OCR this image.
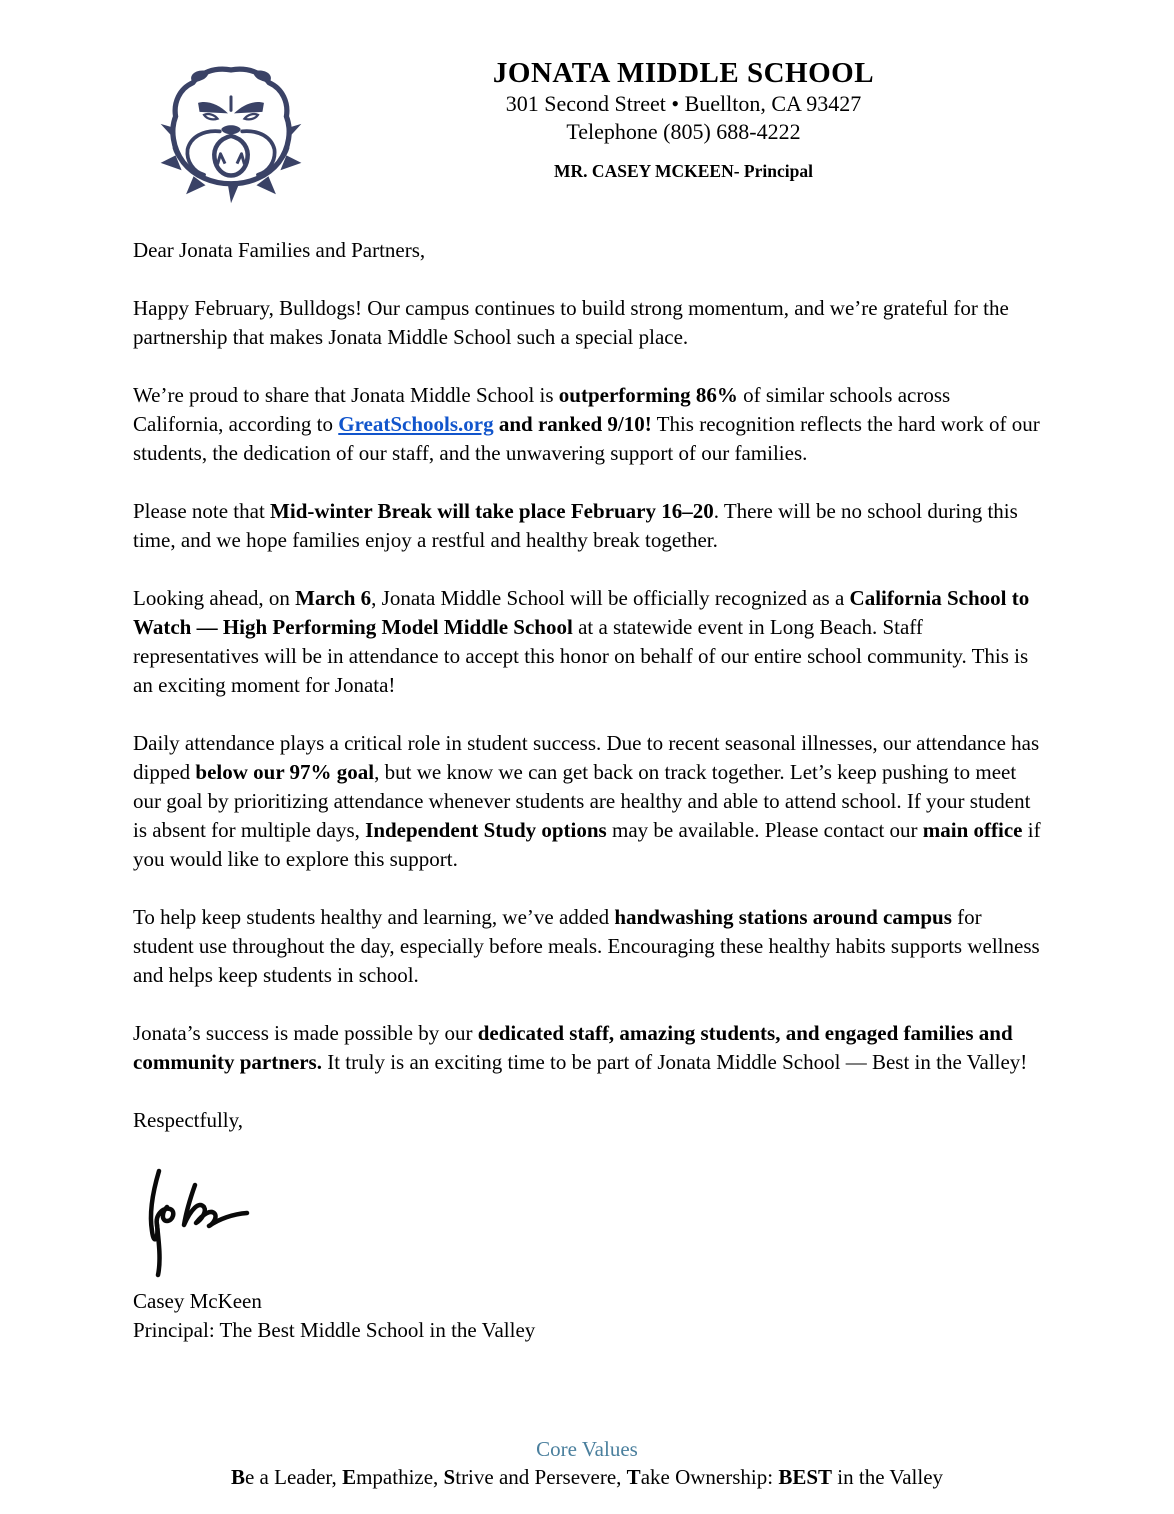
JONATA MIDDLE SCHOOL
301 Second Street • Buellton, CA 93427
Telephone (805) 688-4222
MR. CASEY MCKEEN- Principal

Dear Jonata Families and Partners,

Happy February, Bulldogs! Our campus continues to build strong momentum, and we’re grateful for the partnership that makes Jonata Middle School such a special place.

We’re proud to share that Jonata Middle School is outperforming 86% of similar schools across California, according to GreatSchools.org and ranked 9/10! This recognition reflects the hard work of our students, the dedication of our staff, and the unwavering support of our families.

Please note that Mid-winter Break will take place February 16–20. There will be no school during this time, and we hope families enjoy a restful and healthy break together.

Looking ahead, on March 6, Jonata Middle School will be officially recognized as a California School to Watch — High Performing Model Middle School at a statewide event in Long Beach. Staff representatives will be in attendance to accept this honor on behalf of our entire school community. This is an exciting moment for Jonata!

Daily attendance plays a critical role in student success. Due to recent seasonal illnesses, our attendance has dipped below our 97% goal, but we know we can get back on track together. Let’s keep pushing to meet our goal by prioritizing attendance whenever students are healthy and able to attend school. If your student is absent for multiple days, Independent Study options may be available. Please contact our main office if you would like to explore this support.

To help keep students healthy and learning, we’ve added handwashing stations around campus for student use throughout the day, especially before meals. Encouraging these healthy habits supports wellness and helps keep students in school.

Jonata’s success is made possible by our dedicated staff, amazing students, and engaged families and community partners. It truly is an exciting time to be part of Jonata Middle School — Best in the Valley!

Respectfully,

Casey McKeen
Principal: The Best Middle School in the Valley
Core Values
Be a Leader, Empathize, Strive and Persevere, Take Ownership: BEST in the Valley
